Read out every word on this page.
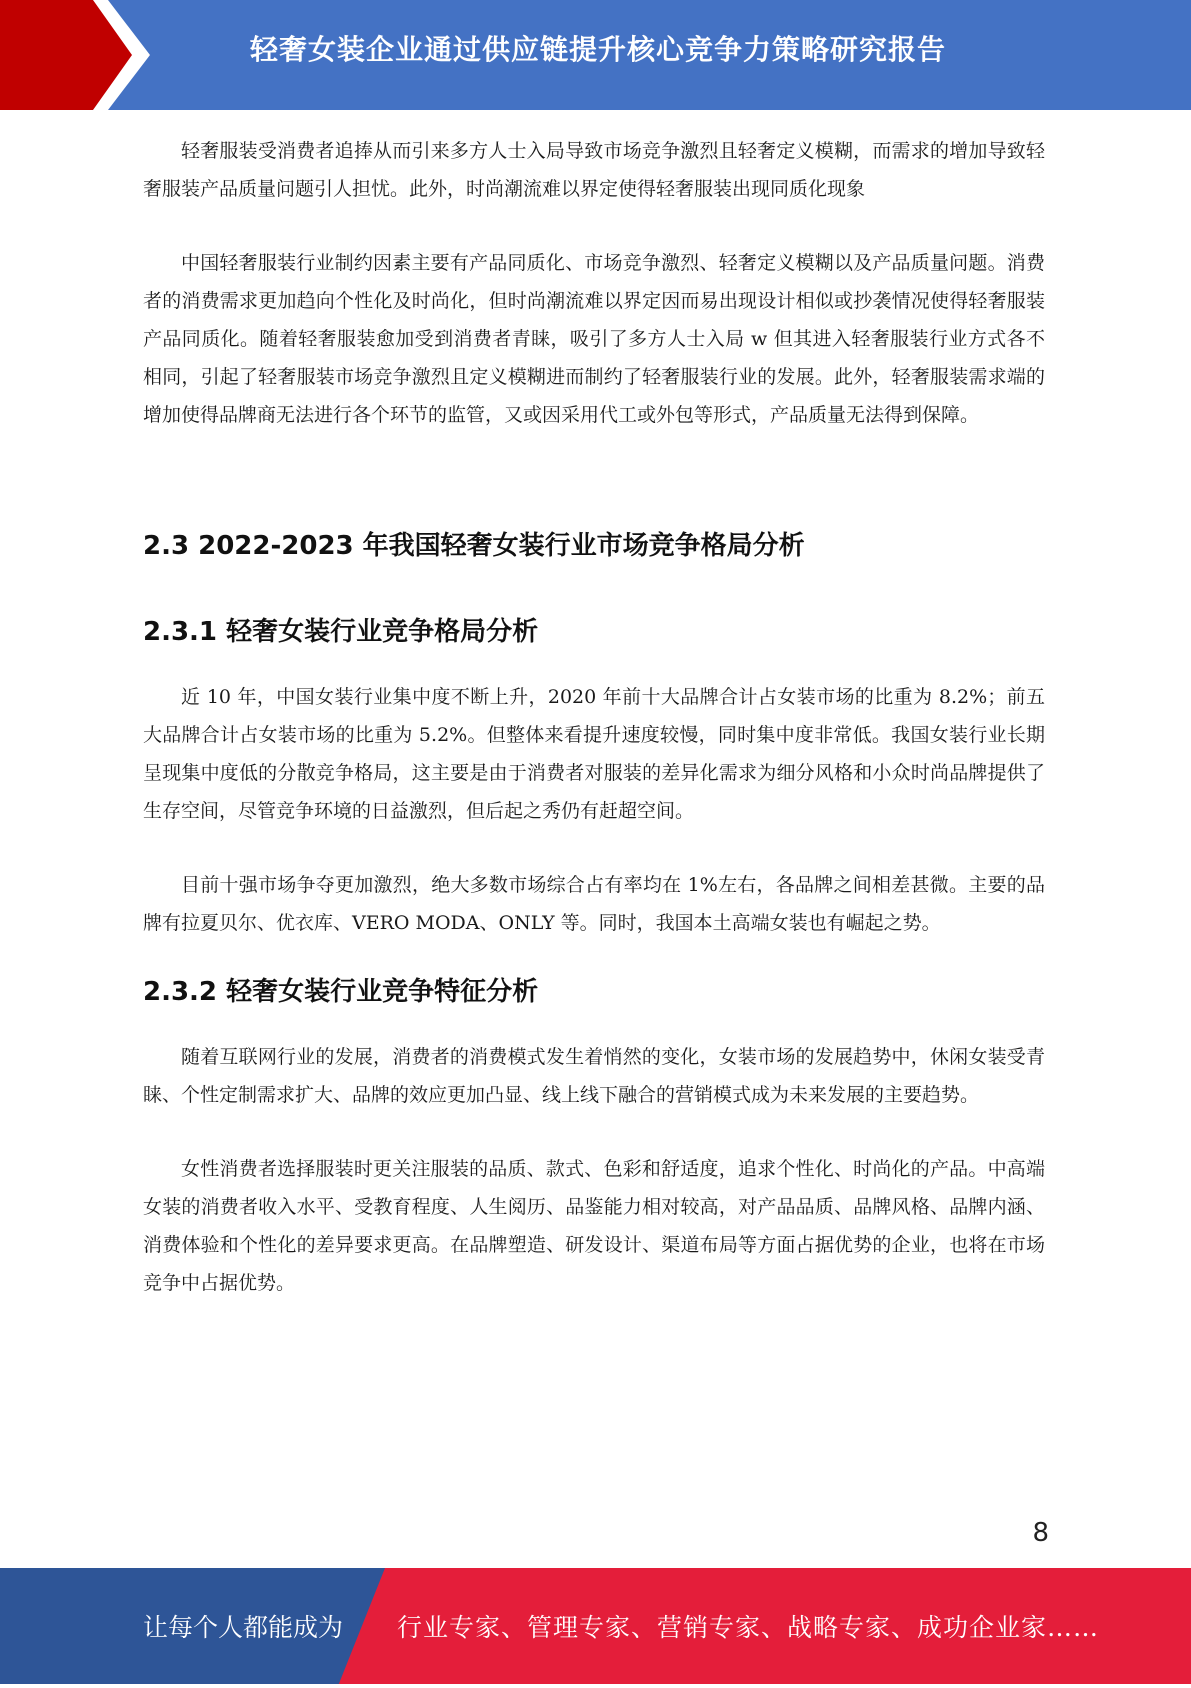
轻奢女装企业通过供应链提升核心竞争力策略研究报告

轻奢服装受消费者追捧从而引来多方人士入局导致市场竞争激烈且轻奢定义模糊，而需求的增加导致轻奢服装产品质量问题引人担忧。此外，时尚潮流难以界定使得轻奢服装出现同质化现象

中国轻奢服装行业制约因素主要有产品同质化、市场竞争激烈、轻奢定义模糊以及产品质量问题。消费者的消费需求更加趋向个性化及时尚化，但时尚潮流难以界定因而易出现设计相似或抄袭情况使得轻奢服装产品同质化。随着轻奢服装愈加受到消费者青睐，吸引了多方人士入局 w 但其进入轻奢服装行业方式各不相同，引起了轻奢服装市场竞争激烈且定义模糊进而制约了轻奢服装行业的发展。此外，轻奢服装需求端的增加使得品牌商无法进行各个环节的监管，又或因采用代工或外包等形式，产品质量无法得到保障。

2.3 2022-2023 年我国轻奢女装行业市场竞争格局分析
2.3.1 轻奢女装行业竞争格局分析

近 10 年，中国女装行业集中度不断上升，2020 年前十大品牌合计占女装市场的比重为 8.2%；前五大品牌合计占女装市场的比重为 5.2%。但整体来看提升速度较慢，同时集中度非常低。我国女装行业长期呈现集中度低的分散竞争格局，这主要是由于消费者对服装的差异化需求为细分风格和小众时尚品牌提供了生存空间，尽管竞争环境的日益激烈，但后起之秀仍有赶超空间。

目前十强市场争夺更加激烈，绝大多数市场综合占有率均在 1%左右，各品牌之间相差甚微。主要的品牌有拉夏贝尔、优衣库、VERO MODA、ONLY 等。同时，我国本土高端女装也有崛起之势。

2.3.2 轻奢女装行业竞争特征分析

随着互联网行业的发展，消费者的消费模式发生着悄然的变化，女装市场的发展趋势中，休闲女装受青睐、个性定制需求扩大、品牌的效应更加凸显、线上线下融合的营销模式成为未来发展的主要趋势。

女性消费者选择服装时更关注服装的品质、款式、色彩和舒适度，追求个性化、时尚化的产品。中高端女装的消费者收入水平、受教育程度、人生阅历、品鉴能力相对较高，对产品品质、品牌风格、品牌内涵、消费体验和个性化的差异要求更高。在品牌塑造、研发设计、渠道布局等方面占据优势的企业，也将在市场竞争中占据优势。

8
让每个人都能成为 行业专家、管理专家、营销专家、战略专家、成功企业家……
